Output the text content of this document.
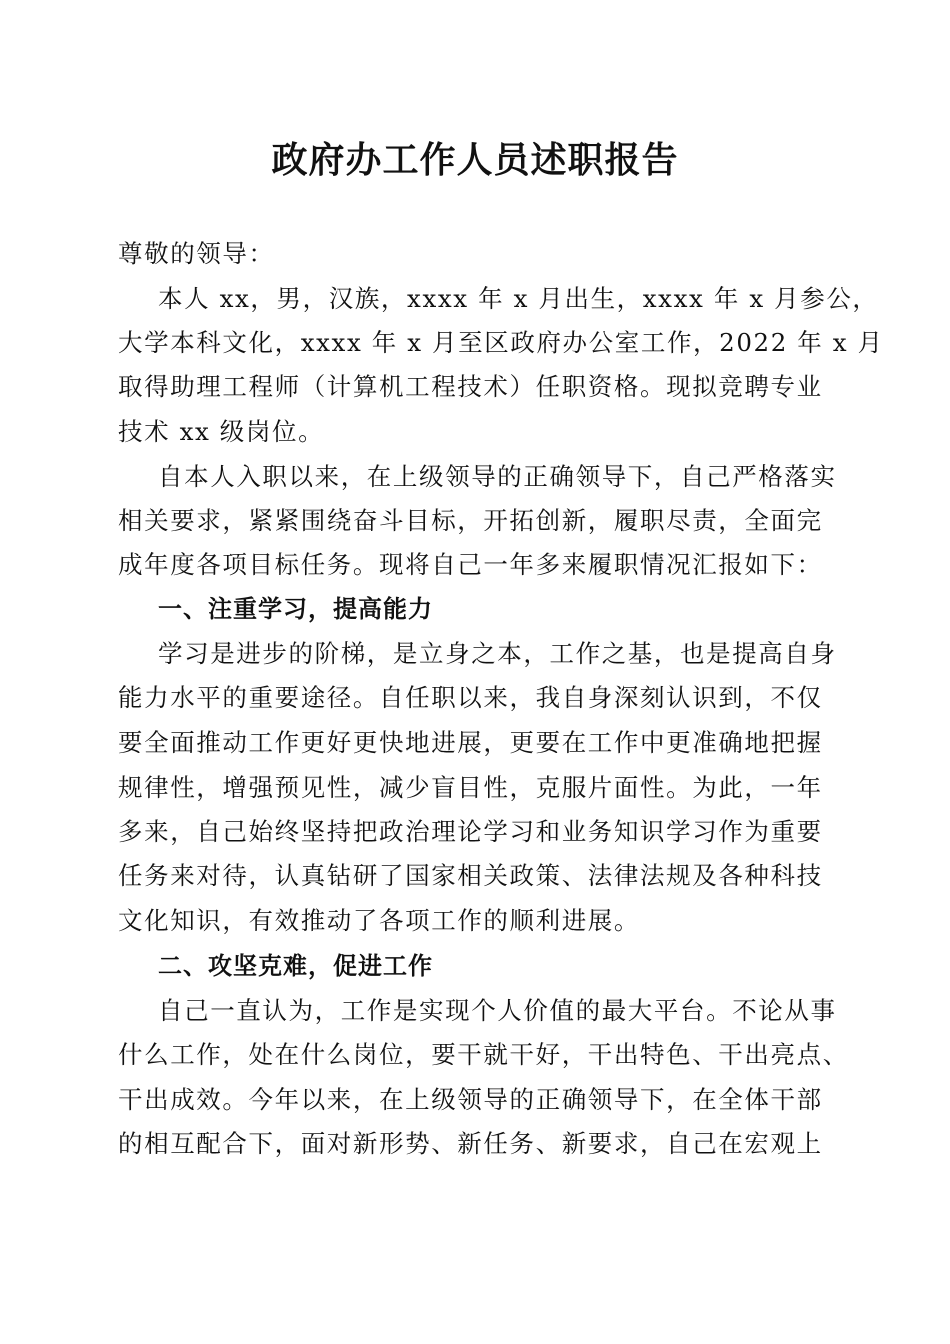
政府办工作人员述职报告
尊敬的领导：
本人 xx，男，汉族，xxxx 年 x 月出生，xxxx 年 x 月参公，
大学本科文化，xxxx 年 x 月至区政府办公室工作，2022 年 x 月
取得助理工程师（计算机工程技术）任职资格。现拟竞聘专业
技术 xx 级岗位。
自本人入职以来，在上级领导的正确领导下，自己严格落实
相关要求，紧紧围绕奋斗目标，开拓创新，履职尽责，全面完
成年度各项目标任务。现将自己一年多来履职情况汇报如下：
一、注重学习，提高能力
学习是进步的阶梯，是立身之本，工作之基，也是提高自身
能力水平的重要途径。自任职以来，我自身深刻认识到，不仅
要全面推动工作更好更快地进展，更要在工作中更准确地把握
规律性，增强预见性，减少盲目性，克服片面性。为此，一年
多来，自己始终坚持把政治理论学习和业务知识学习作为重要
任务来对待，认真钻研了国家相关政策、法律法规及各种科技
文化知识，有效推动了各项工作的顺利进展。
二、攻坚克难，促进工作
自己一直认为，工作是实现个人价值的最大平台。不论从事
什么工作，处在什么岗位，要干就干好，干出特色、干出亮点、
干出成效。今年以来，在上级领导的正确领导下，在全体干部
的相互配合下，面对新形势、新任务、新要求，自己在宏观上
